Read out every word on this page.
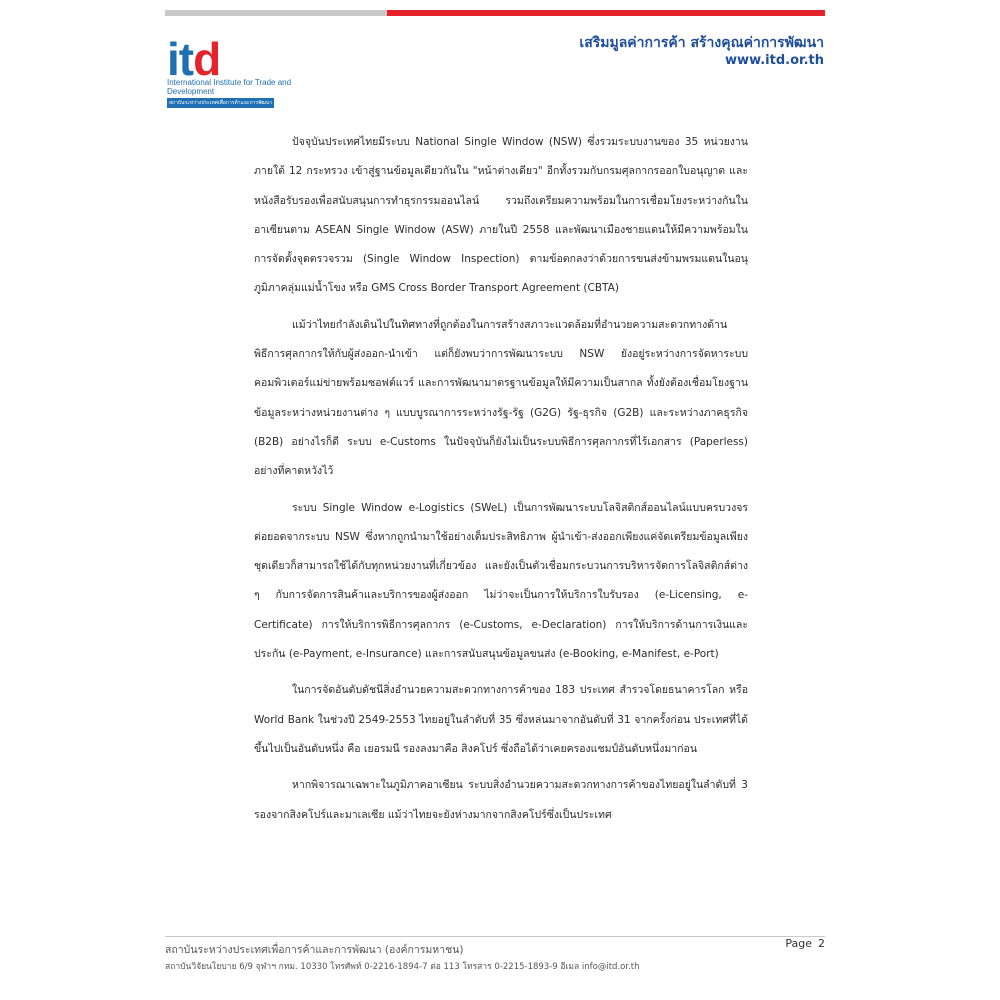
itd
International Institute for Trade and Development
สถาบันระหว่างประเทศเพื่อการค้าและการพัฒนา
เสริมมูลค่าการค้า สร้างคุณค่าการพัฒนา
www.itd.or.th

ปัจจุบันประเทศไทยมีระบบ National Single Window (NSW) ซึ่งรวมระบบงานของ 35 หน่วยงาน ภายใต้ 12 กระทรวง เข้าสู่ฐานข้อมูลเดียวกันใน "หน้าต่างเดียว" อีกทั้งรวมกับกรมศุลกากรออกใบอนุญาต และหนังสือรับรองเพื่อสนับสนุนการทำธุรกรรมออนไลน์ รวมถึงเตรียมความพร้อมในการเชื่อมโยงระหว่างกันในอาเซียนตาม ASEAN Single Window (ASW) ภายในปี 2558 และพัฒนาเมืองชายแดนให้มีความพร้อมในการจัดตั้งจุดตรวจรวม (Single Window Inspection) ตามข้อตกลงว่าด้วยการขนส่งข้ามพรมแดนในอนุภูมิภาคลุ่มแม่น้ำโขง หรือ GMS Cross Border Transport Agreement (CBTA)

แม้ว่าไทยกำลังเดินไปในทิศทางที่ถูกต้องในการสร้างสภาวะแวดล้อมที่อำนวยความสะดวกทางด้านพิธีการศุลกากรให้กับผู้ส่งออก-นำเข้า แต่ก็ยังพบว่าการพัฒนาระบบ NSW ยังอยู่ระหว่างการจัดหาระบบคอมพิวเตอร์แม่ข่ายพร้อมซอฟต์แวร์ และการพัฒนามาตรฐานข้อมูลให้มีความเป็นสากล ทั้งยังต้องเชื่อมโยงฐานข้อมูลระหว่างหน่วยงานต่าง ๆ แบบบูรณาการระหว่างรัฐ-รัฐ (G2G) รัฐ-ธุรกิจ (G2B) และระหว่างภาคธุรกิจ (B2B) อย่างไรก็ดี ระบบ e-Customs ในปัจจุบันก็ยังไม่เป็นระบบพิธีการศุลกากรที่ไร้เอกสาร (Paperless) อย่างที่คาดหวังไว้

ระบบ Single Window e-Logistics (SWeL) เป็นการพัฒนาระบบโลจิสติกส์ออนไลน์แบบครบวงจรต่อยอดจากระบบ NSW ซึ่งหากถูกนำมาใช้อย่างเต็มประสิทธิภาพ ผู้นำเข้า-ส่งออกเพียงแค่จัดเตรียมข้อมูลเพียงชุดเดียวก็สามารถใช้ได้กับทุกหน่วยงานที่เกี่ยวข้อง และยังเป็นตัวเชื่อมกระบวนการบริหารจัดการโลจิสติกส์ต่าง ๆ กับการจัดการสินค้าและบริการของผู้ส่งออก ไม่ว่าจะเป็นการให้บริการใบรับรอง (e-Licensing, e-Certificate) การให้บริการพิธีการศุลกากร (e-Customs, e-Declaration) การให้บริการด้านการเงินและประกัน (e-Payment, e-Insurance) และการสนับสนุนข้อมูลขนส่ง (e-Booking, e-Manifest, e-Port)

ในการจัดอันดับดัชนีสิ่งอำนวยความสะดวกทางการค้าของ 183 ประเทศ สำรวจโดยธนาคารโลก หรือ World Bank ในช่วงปี 2549-2553 ไทยอยู่ในลำดับที่ 35 ซึ่งหล่นมาจากอันดับที่ 31 จากครั้งก่อน ประเทศที่ได้ขึ้นไปเป็นอันดับหนึ่ง คือ เยอรมนี รองลงมาคือ สิงคโปร์ ซึ่งถือได้ว่าเคยครองแชมป์อันดับหนึ่งมาก่อน

หากพิจารณาเฉพาะในภูมิภาคอาเซียน ระบบสิ่งอำนวยความสะดวกทางการค้าของไทยอยู่ในลำดับที่ 3 รองจากสิงคโปร์และมาเลเซีย แม้ว่าไทยจะยังห่างมากจากสิงคโปร์ซึ่งเป็นประเทศ

สถาบันระหว่างประเทศเพื่อการค้าและการพัฒนา (องค์การมหาชน)
สถาบันวิจัยนโยบาย 6/9 จุฬาฯ กทม. 10330 โทรศัพท์ 0-2216-1894-7 ต่อ 113 โทรสาร 0-2215-1893-9 อีเมล info@itd.or.th
Page 2
